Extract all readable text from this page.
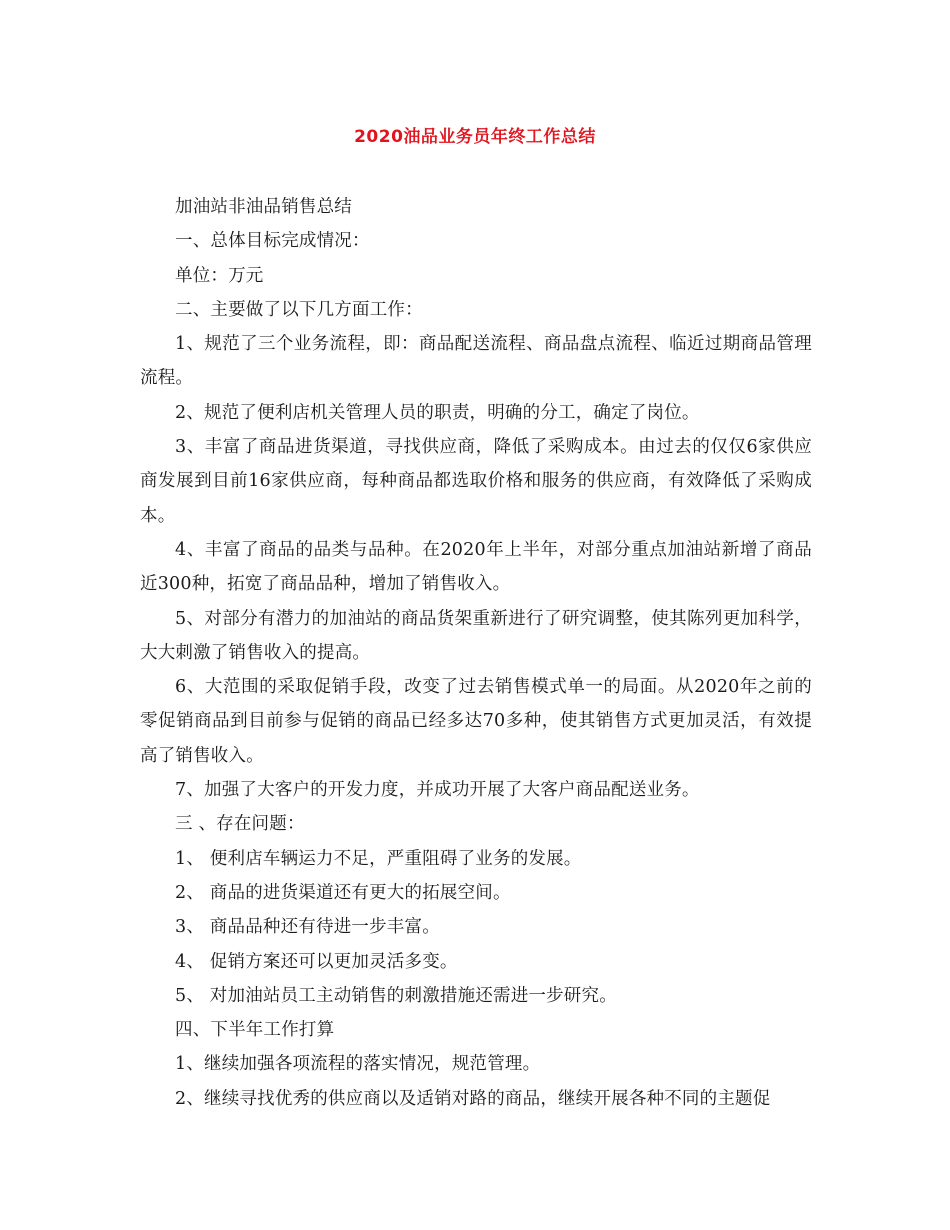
2020油品业务员年终工作总结

加油站非油品销售总结

一、总体目标完成情况：

单位：万元

二、主要做了以下几方面工作：

1、规范了三个业务流程，即：商品配送流程、商品盘点流程、临近过期商品管理流程。

2、规范了便利店机关管理人员的职责，明确的分工，确定了岗位。

3、丰富了商品进货渠道，寻找供应商，降低了采购成本。由过去的仅仅6家供应商发展到目前16家供应商，每种商品都选取价格和服务的供应商，有效降低了采购成本。

4、丰富了商品的品类与品种。在2020年上半年，对部分重点加油站新增了商品近300种，拓宽了商品品种，增加了销售收入。

5、对部分有潜力的加油站的商品货架重新进行了研究调整，使其陈列更加科学，大大刺激了销售收入的提高。

6、大范围的采取促销手段，改变了过去销售模式单一的局面。从2020年之前的零促销商品到目前参与促销的商品已经多达70多种，使其销售方式更加灵活，有效提高了销售收入。

7、加强了大客户的开发力度，并成功开展了大客户商品配送业务。

三 、存在问题：

1、 便利店车辆运力不足，严重阻碍了业务的发展。

2、 商品的进货渠道还有更大的拓展空间。

3、 商品品种还有待进一步丰富。

4、 促销方案还可以更加灵活多变。

5、 对加油站员工主动销售的刺激措施还需进一步研究。

四、下半年工作打算

1、继续加强各项流程的落实情况，规范管理。

2、继续寻找优秀的供应商以及适销对路的商品，继续开展各种不同的主题促
